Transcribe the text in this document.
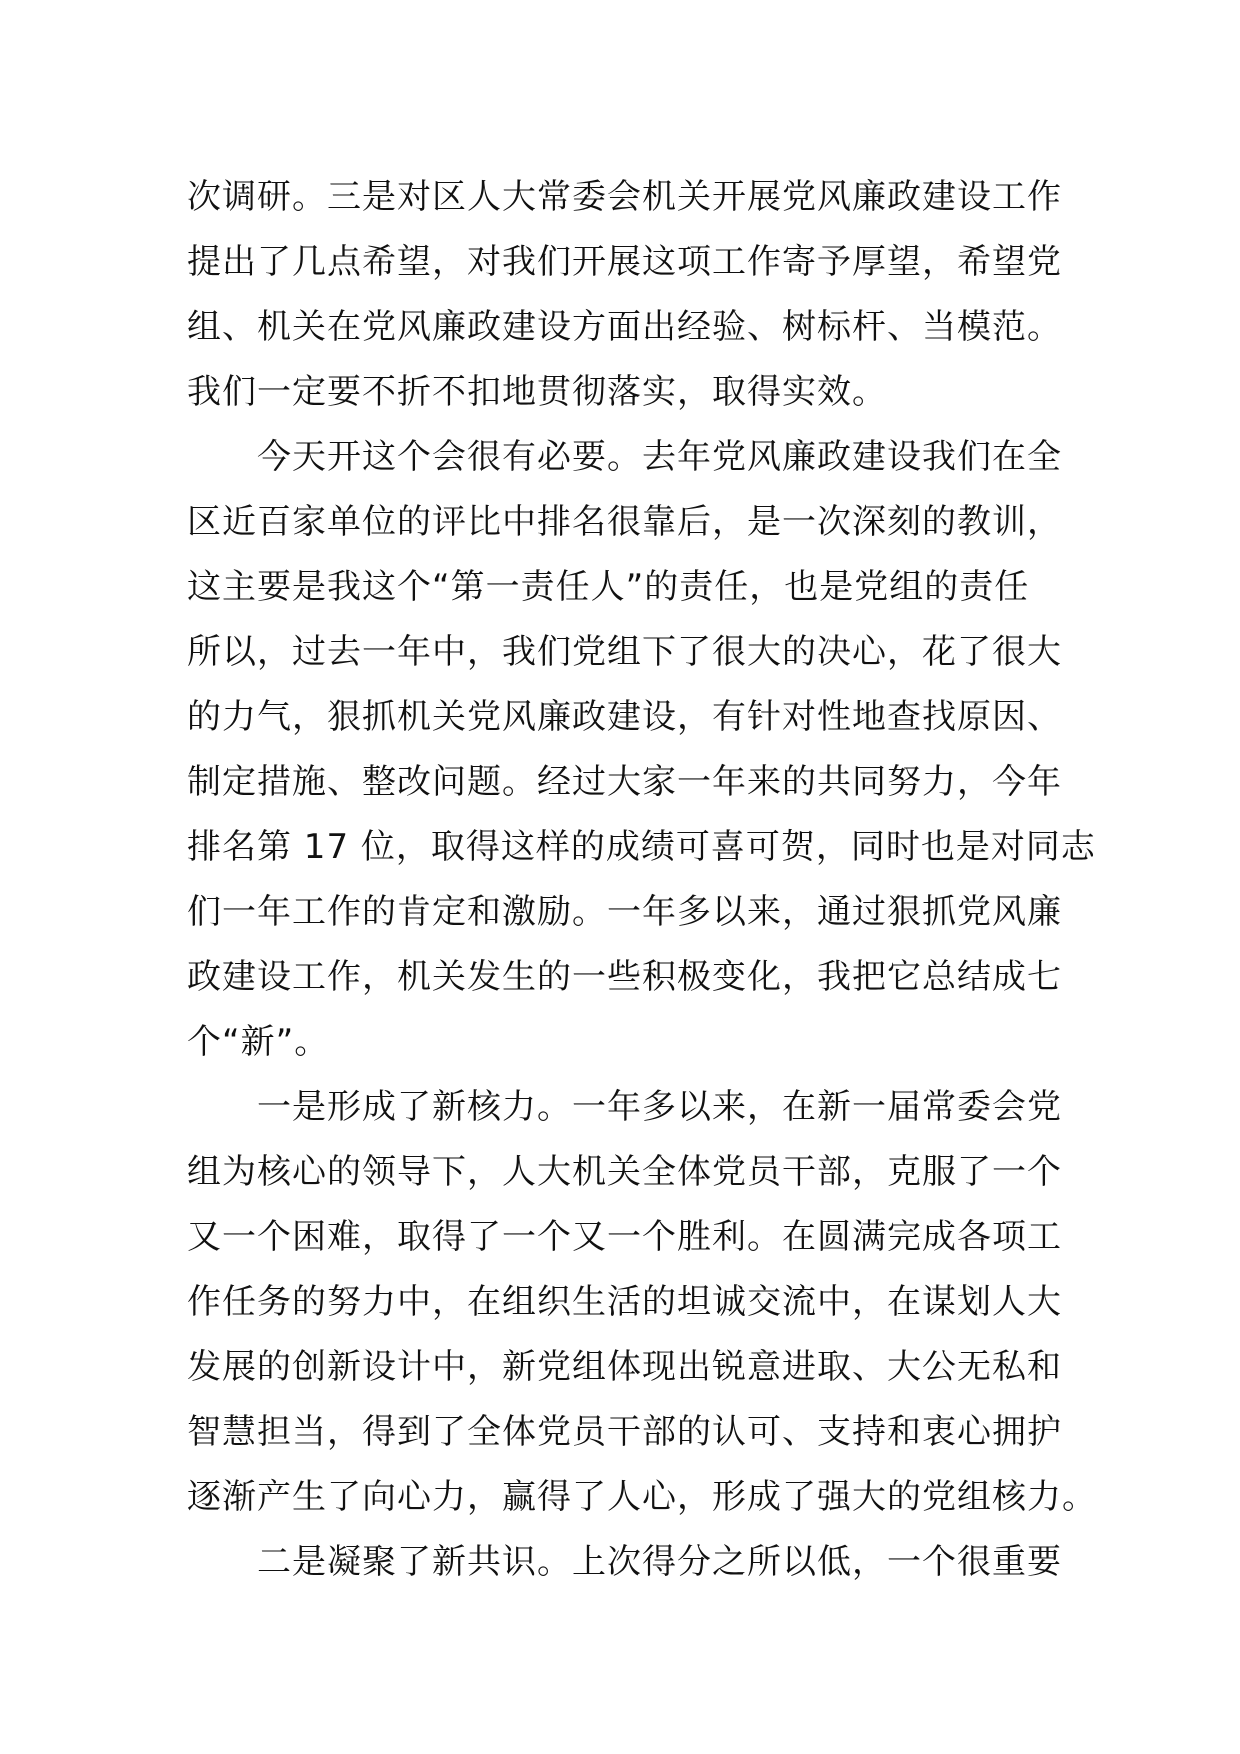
次调研。三是对区人大常委会机关开展党风廉政建设工作
提出了几点希望，对我们开展这项工作寄予厚望，希望党
组、机关在党风廉政建设方面出经验、树标杆、当模范。
我们一定要不折不扣地贯彻落实，取得实效。
今天开这个会很有必要。去年党风廉政建设我们在全
区近百家单位的评比中排名很靠后，是一次深刻的教训，
这主要是我这个“第一责任人”的责任，也是党组的责任
所以，过去一年中，我们党组下了很大的决心，花了很大
的力气，狠抓机关党风廉政建设，有针对性地查找原因、
制定措施、整改问题。经过大家一年来的共同努力，今年
排名第 17 位，取得这样的成绩可喜可贺，同时也是对同志
们一年工作的肯定和激励。一年多以来，通过狠抓党风廉
政建设工作，机关发生的一些积极变化，我把它总结成七
个“新”。
一是形成了新核力。一年多以来，在新一届常委会党
组为核心的领导下，人大机关全体党员干部，克服了一个
又一个困难，取得了一个又一个胜利。在圆满完成各项工
作任务的努力中，在组织生活的坦诚交流中，在谋划人大
发展的创新设计中，新党组体现出锐意进取、大公无私和
智慧担当，得到了全体党员干部的认可、支持和衷心拥护
逐渐产生了向心力，赢得了人心，形成了强大的党组核力。
二是凝聚了新共识。上次得分之所以低，一个很重要
